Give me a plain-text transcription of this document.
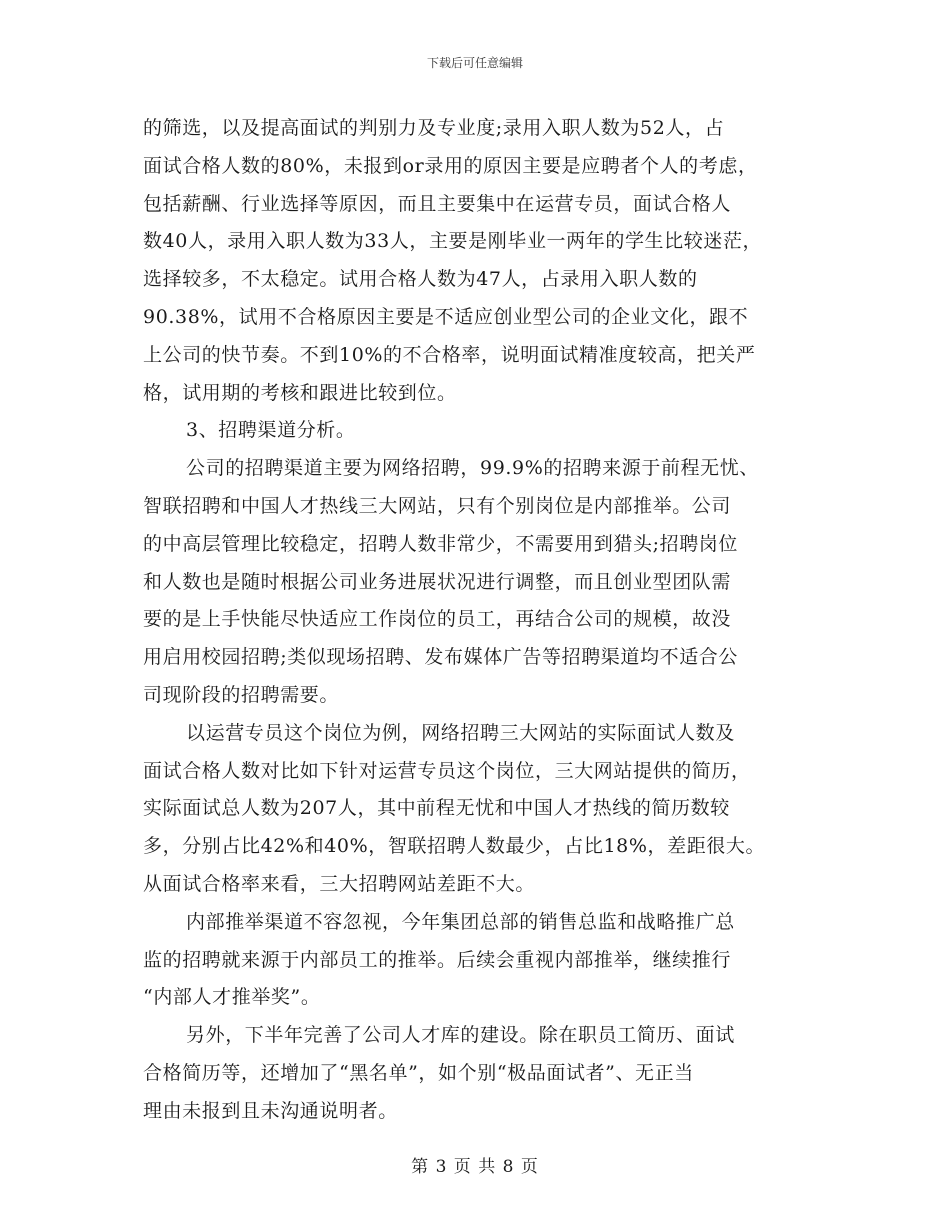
下载后可任意编辑
的筛选，以及提高面试的判别力及专业度;录用入职人数为52人，占
面试合格人数的80%，未报到or录用的原因主要是应聘者个人的考虑，
包括薪酬、行业选择等原因，而且主要集中在运营专员，面试合格人
数40人，录用入职人数为33人，主要是刚毕业一两年的学生比较迷茫，
选择较多，不太稳定。试用合格人数为47人，占录用入职人数的
90.38%，试用不合格原因主要是不适应创业型公司的企业文化，跟不
上公司的快节奏。不到10%的不合格率，说明面试精准度较高，把关严
格，试用期的考核和跟进比较到位。
3、招聘渠道分析。
公司的招聘渠道主要为网络招聘，99.9%的招聘来源于前程无忧、
智联招聘和中国人才热线三大网站，只有个别岗位是内部推举。公司
的中高层管理比较稳定，招聘人数非常少，不需要用到猎头;招聘岗位
和人数也是随时根据公司业务进展状况进行调整，而且创业型团队需
要的是上手快能尽快适应工作岗位的员工，再结合公司的规模，故没
用启用校园招聘;类似现场招聘、发布媒体广告等招聘渠道均不适合公
司现阶段的招聘需要。
以运营专员这个岗位为例，网络招聘三大网站的实际面试人数及
面试合格人数对比如下针对运营专员这个岗位，三大网站提供的简历，
实际面试总人数为207人，其中前程无忧和中国人才热线的简历数较
多，分别占比42%和40%，智联招聘人数最少，占比18%，差距很大。
从面试合格率来看，三大招聘网站差距不大。
内部推举渠道不容忽视，今年集团总部的销售总监和战略推广总
监的招聘就来源于内部员工的推举。后续会重视内部推举，继续推行
“内部人才推举奖”。
另外，下半年完善了公司人才库的建设。除在职员工简历、面试
合格简历等，还增加了“黑名单”，如个别“极品面试者”、无正当
理由未报到且未沟通说明者。
第 3 页 共 8 页
